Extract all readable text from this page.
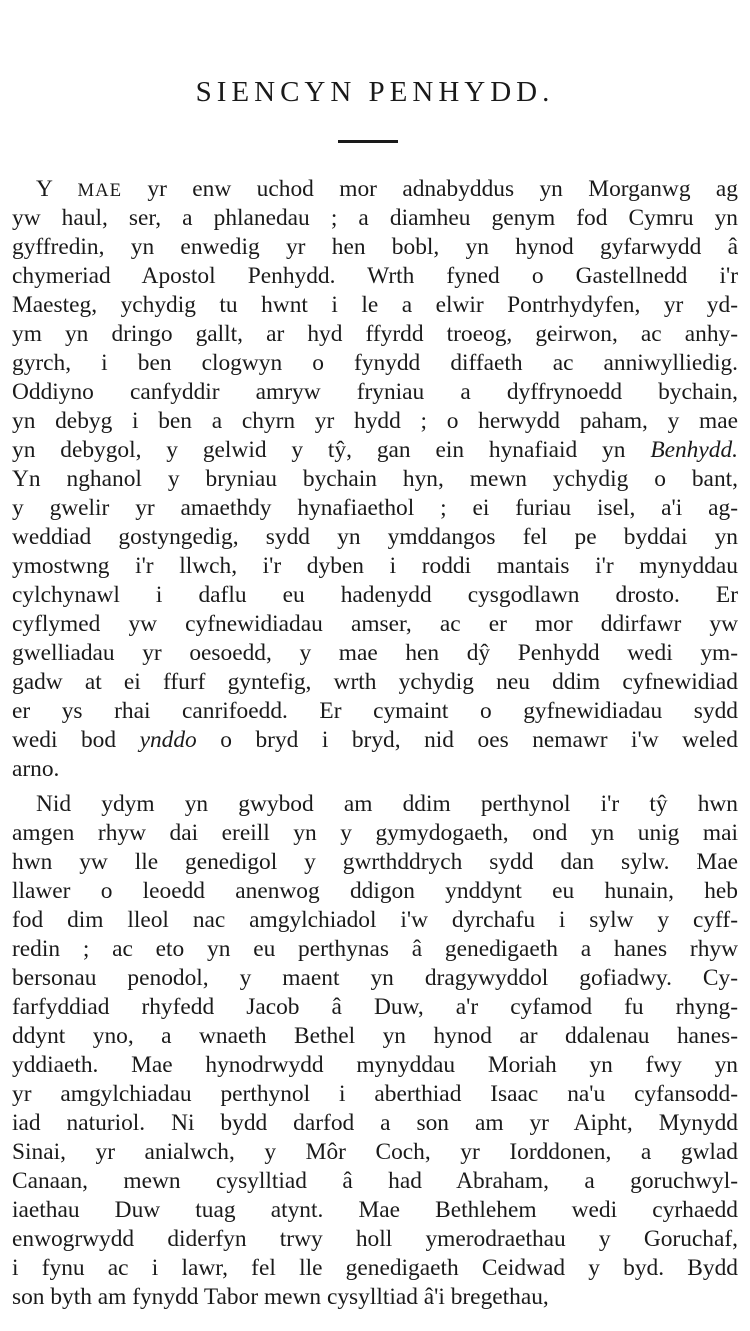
SIENCYN PENHYDD.
Y MAE yr enw uchod mor adnabyddus yn Morganwg ag
yw haul, ser, a phlanedau ; a diamheu genym fod Cymru yn
gyffredin, yn enwedig yr hen bobl, yn hynod gyfarwydd â
chymeriad Apostol Penhydd. Wrth fyned o Gastellnedd i'r
Maesteg, ychydig tu hwnt i le a elwir Pontrhydyfen, yr yd-
ym yn dringo gallt, ar hyd ffyrdd troeog, geirwon, ac anhy-
gyrch, i ben clogwyn o fynydd diffaeth ac anniwylliedig.
Oddiyno canfyddir amryw fryniau a dyffrynoedd bychain,
yn debyg i ben a chyrn yr hydd ; o herwydd paham, y mae
yn debygol, y gelwid y tŷ, gan ein hynafiaid yn Benhydd.
Yn nghanol y bryniau bychain hyn, mewn ychydig o bant,
y gwelir yr amaethdy hynafiaethol ; ei furiau isel, a'i ag-
weddiad gostyngedig, sydd yn ymddangos fel pe byddai yn
ymostwng i'r llwch, i'r dyben i roddi mantais i'r mynyddau
cylchynawl i daflu eu hadenydd cysgodlawn drosto. Er
cyflymed yw cyfnewidiadau amser, ac er mor ddirfawr yw
gwelliadau yr oesoedd, y mae hen dŷ Penhydd wedi ym-
gadw at ei ffurf gyntefig, wrth ychydig neu ddim cyfnewidiad
er ys rhai canrifoedd. Er cymaint o gyfnewidiadau sydd
wedi bod ynddo o bryd i bryd, nid oes nemawr i'w weled
arno.
Nid ydym yn gwybod am ddim perthynol i'r tŷ hwn
amgen rhyw dai ereill yn y gymydogaeth, ond yn unig mai
hwn yw lle genedigol y gwrthddrych sydd dan sylw. Mae
llawer o leoedd anenwog ddigon ynddynt eu hunain, heb
fod dim lleol nac amgylchiadol i'w dyrchafu i sylw y cyff-
redin ; ac eto yn eu perthynas â genedigaeth a hanes rhyw
bersonau penodol, y maent yn dragywyddol gofiadwy. Cy-
farfyddiad rhyfedd Jacob â Duw, a'r cyfamod fu rhyng-
ddynt yno, a wnaeth Bethel yn hynod ar ddalenau hanes-
yddiaeth. Mae hynodrwydd mynyddau Moriah yn fwy yn
yr amgylchiadau perthynol i aberthiad Isaac na'u cyfansodd-
iad naturiol. Ni bydd darfod a son am yr Aipht, Mynydd
Sinai, yr anialwch, y Môr Coch, yr Iorddonen, a gwlad
Canaan, mewn cysylltiad â had Abraham, a goruchwyl-
iaethau Duw tuag atynt. Mae Bethlehem wedi cyrhaedd
enwogrwydd diderfyn trwy holl ymerodraethau y Goruchaf,
i fynu ac i lawr, fel lle genedigaeth Ceidwad y byd. Bydd
son byth am fynydd Tabor mewn cysylltiad â'i bregethau,
